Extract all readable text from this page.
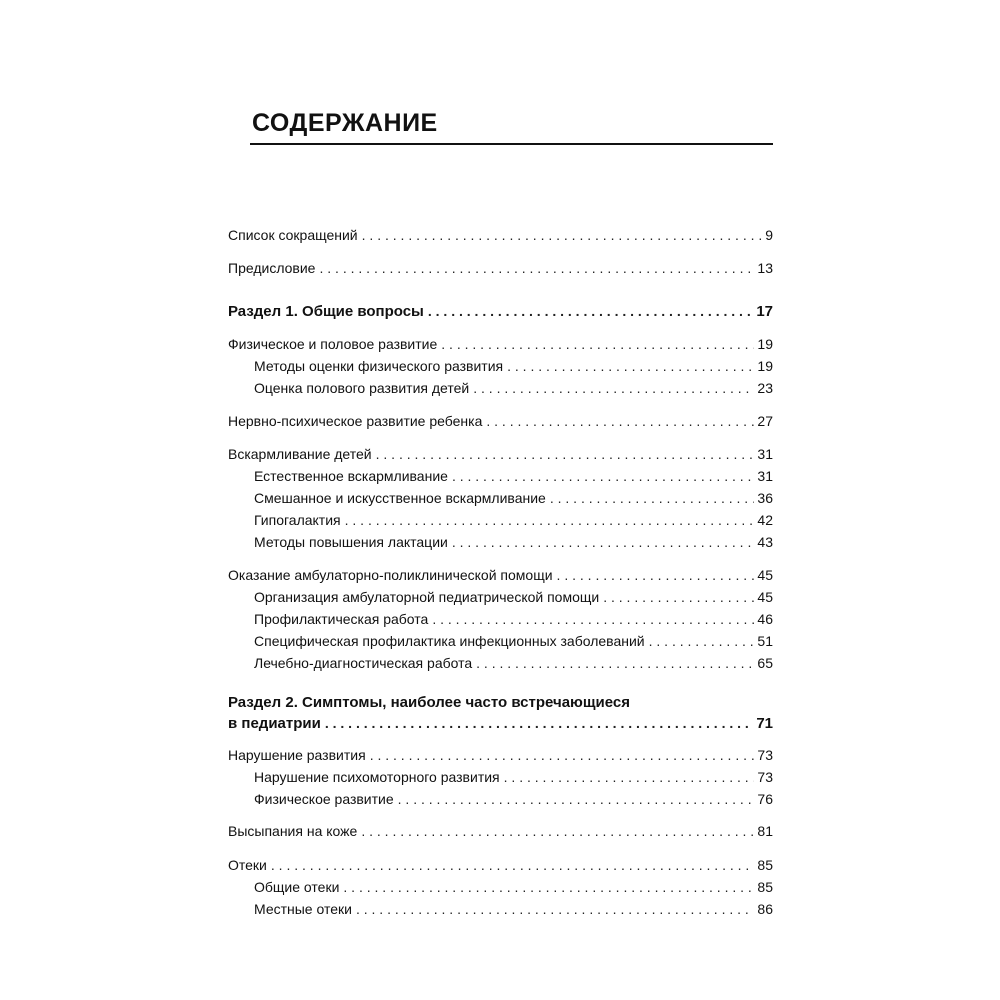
СОДЕРЖАНИЕ
Список сокращений . . .	9
Предисловие . . .	13
Раздел 1. Общие вопросы . . .	17
Физическое и половое развитие . . .	19
Методы оценки физического развития . . .	19
Оценка полового развития детей . . .	23
Нервно-психическое развитие ребенка . . .	27
Вскармливание детей . . .	31
Естественное вскармливание . . .	31
Смешанное и искусственное вскармливание . . .	36
Гипогалактия . . .	42
Методы повышения лактации . . .	43
Оказание амбулаторно-поликлинической помощи . . .	45
Организация амбулаторной педиатрической помощи . . .	45
Профилактическая работа . . .	46
Специфическая профилактика инфекционных заболеваний . . .	51
Лечебно-диагностическая работа . . .	65
Раздел 2. Симптомы, наиболее часто встречающиеся
в педиатрии . . .	71
Нарушение развития . . .	73
Нарушение психомоторного развития . . .	73
Физическое развитие . . .	76
Высыпания на коже . . .	81
Отеки . . .	85
Общие отеки . . .	85
Местные отеки . . .	86
